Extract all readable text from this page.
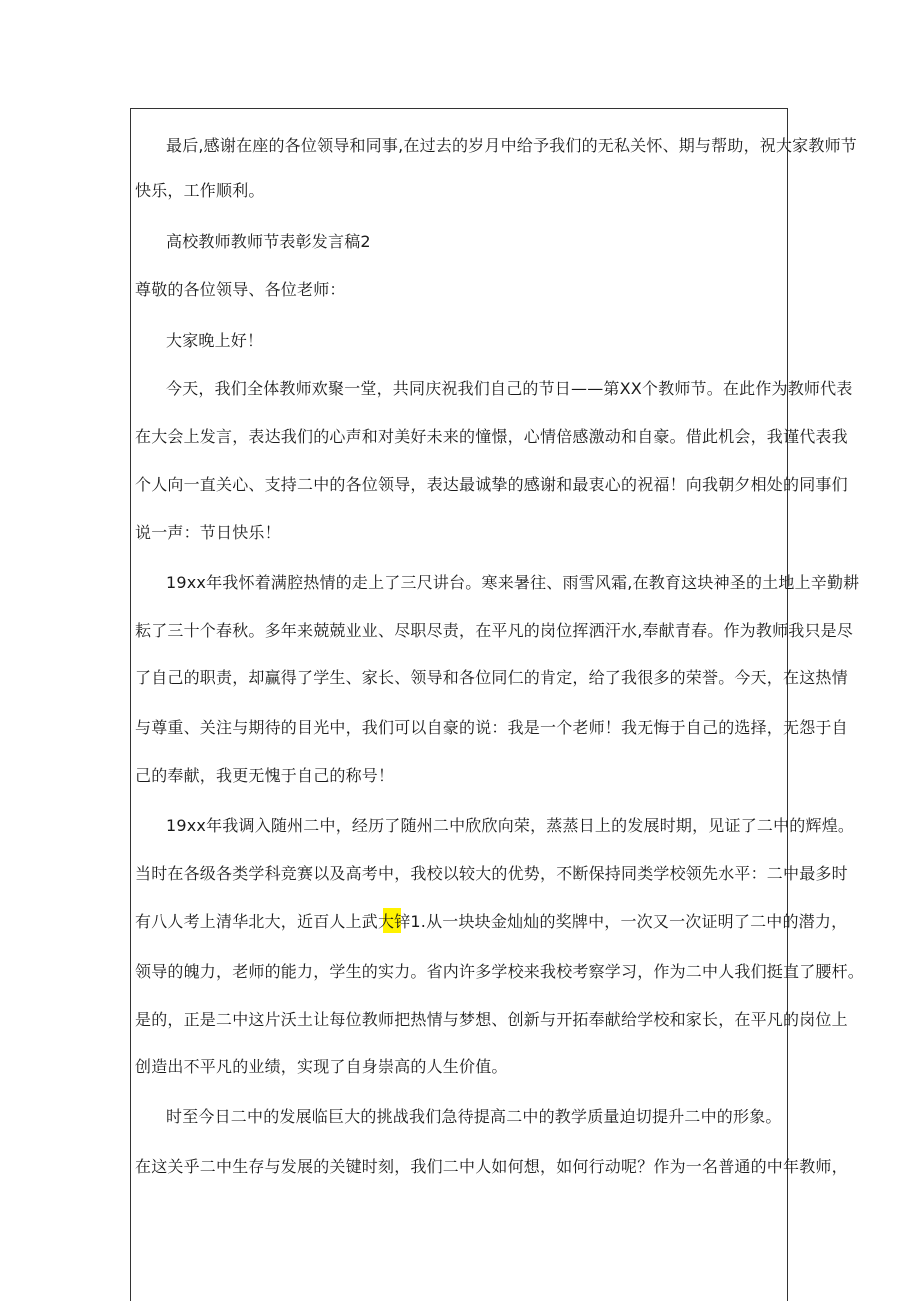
最后,感谢在座的各位领导和同事,在过去的岁月中给予我们的无私关怀、期与帮助，祝大家教师节
快乐，工作顺利。
高校教师教师节表彰发言稿2
尊敬的各位领导、各位老师：
大家晚上好！
今天，我们全体教师欢聚一堂，共同庆祝我们自己的节日——第XX个教师节。在此作为教师代表
在大会上发言，表达我们的心声和对美好未来的憧憬，心情倍感激动和自豪。借此机会，我谨代表我
个人向一直关心、支持二中的各位领导，表达最诚挚的感谢和最衷心的祝福！向我朝夕相处的同事们
说一声：节日快乐！
19xx年我怀着满腔热情的走上了三尺讲台。寒来暑往、雨雪风霜,在教育这块神圣的土地上辛勤耕
耘了三十个春秋。多年来兢兢业业、尽职尽责，在平凡的岗位挥洒汗水,奉献青春。作为教师我只是尽
了自己的职责，却赢得了学生、家长、领导和各位同仁的肯定，给了我很多的荣誉。今天，在这热情
与尊重、关注与期待的目光中，我们可以自豪的说：我是一个老师！我无悔于自己的选择，无怨于自
己的奉献，我更无愧于自己的称号！
19xx年我调入随州二中，经历了随州二中欣欣向荣，蒸蒸日上的发展时期，见证了二中的辉煌。
当时在各级各类学科竞赛以及高考中，我校以较大的优势，不断保持同类学校领先水平：二中最多时
有八人考上清华北大，近百人上武大锌1.从一块块金灿灿的奖牌中，一次又一次证明了二中的潜力，
领导的魄力，老师的能力，学生的实力。省内许多学校来我校考察学习，作为二中人我们挺直了腰杆。
是的，正是二中这片沃土让每位教师把热情与梦想、创新与开拓奉献给学校和家长，在平凡的岗位上
创造出不平凡的业绩，实现了自身崇高的人生价值。
时至今日二中的发展临巨大的挑战我们急待提高二中的教学质量迫切提升二中的形象。
在这关乎二中生存与发展的关键时刻，我们二中人如何想，如何行动呢？作为一名普通的中年教师，
